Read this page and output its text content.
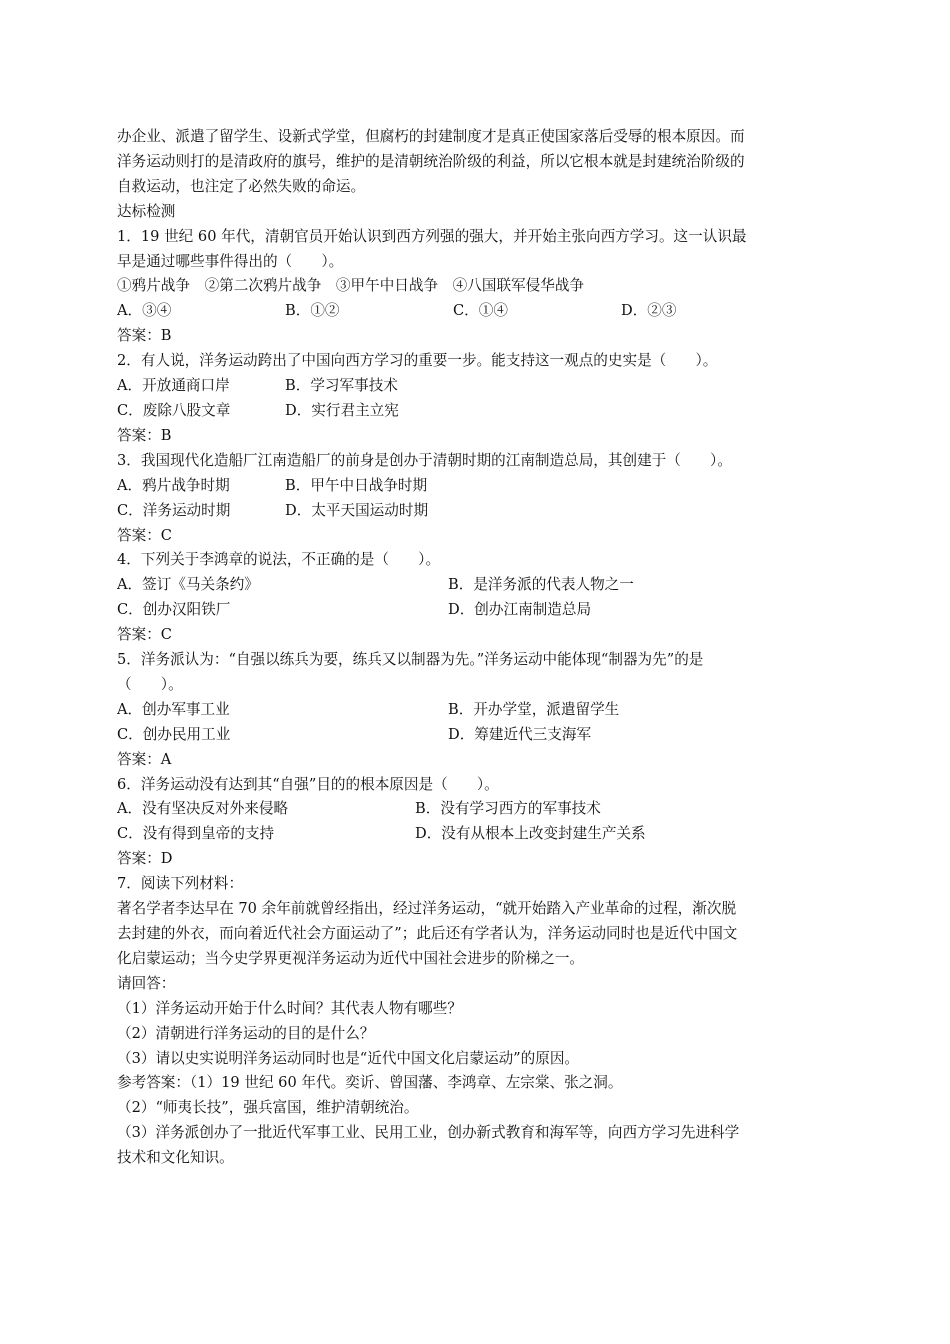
办企业、派遣了留学生、设新式学堂，但腐朽的封建制度才是真正使国家落后受辱的根本原因。而
洋务运动则打的是清政府的旗号，维护的是清朝统治阶级的利益，所以它根本就是封建统治阶级的
自救运动，也注定了必然失败的命运。
达标检测
1．19 世纪 60 年代，清朝官员开始认识到西方列强的强大，并开始主张向西方学习。这一认识最
早是通过哪些事件得出的（　　）。
①鸦片战争　②第二次鸦片战争　③甲午中日战争　④八国联军侵华战争
A．③④	B．①②	C．①④	D．②③
答案：B
2．有人说，洋务运动跨出了中国向西方学习的重要一步。能支持这一观点的史实是（　　）。
A．开放通商口岸	B．学习军事技术
C．废除八股文章	D．实行君主立宪
答案：B
3．我国现代化造船厂江南造船厂的前身是创办于清朝时期的江南制造总局，其创建于（　　）。
A．鸦片战争时期	B．甲午中日战争时期
C．洋务运动时期	D．太平天国运动时期
答案：C
4．下列关于李鸿章的说法，不正确的是（　　）。
A．签订《马关条约》	B．是洋务派的代表人物之一
C．创办汉阳铁厂	D．创办江南制造总局
答案：C
5．洋务派认为：“自强以练兵为要，练兵又以制器为先。”洋务运动中能体现“制器为先”的是
（　　）。
A．创办军事工业	B．开办学堂，派遣留学生
C．创办民用工业	D．筹建近代三支海军
答案：A
6．洋务运动没有达到其“自强”目的的根本原因是（　　）。
A．没有坚决反对外来侵略	B．没有学习西方的军事技术
C．没有得到皇帝的支持	D．没有从根本上改变封建生产关系
答案：D
7．阅读下列材料：
著名学者李达早在 70 余年前就曾经指出，经过洋务运动，“就开始踏入产业革命的过程，渐次脱
去封建的外衣，而向着近代社会方面运动了”；此后还有学者认为，洋务运动同时也是近代中国文
化启蒙运动；当今史学界更视洋务运动为近代中国社会进步的阶梯之一。
请回答：
（1）洋务运动开始于什么时间？其代表人物有哪些？
（2）清朝进行洋务运动的目的是什么？
（3）请以史实说明洋务运动同时也是“近代中国文化启蒙运动”的原因。
参考答案：（1）19 世纪 60 年代。奕䜣、曾国藩、李鸿章、左宗棠、张之洞。
（2）“师夷长技”，强兵富国，维护清朝统治。
（3）洋务派创办了一批近代军事工业、民用工业，创办新式教育和海军等，向西方学习先进科学
技术和文化知识。
